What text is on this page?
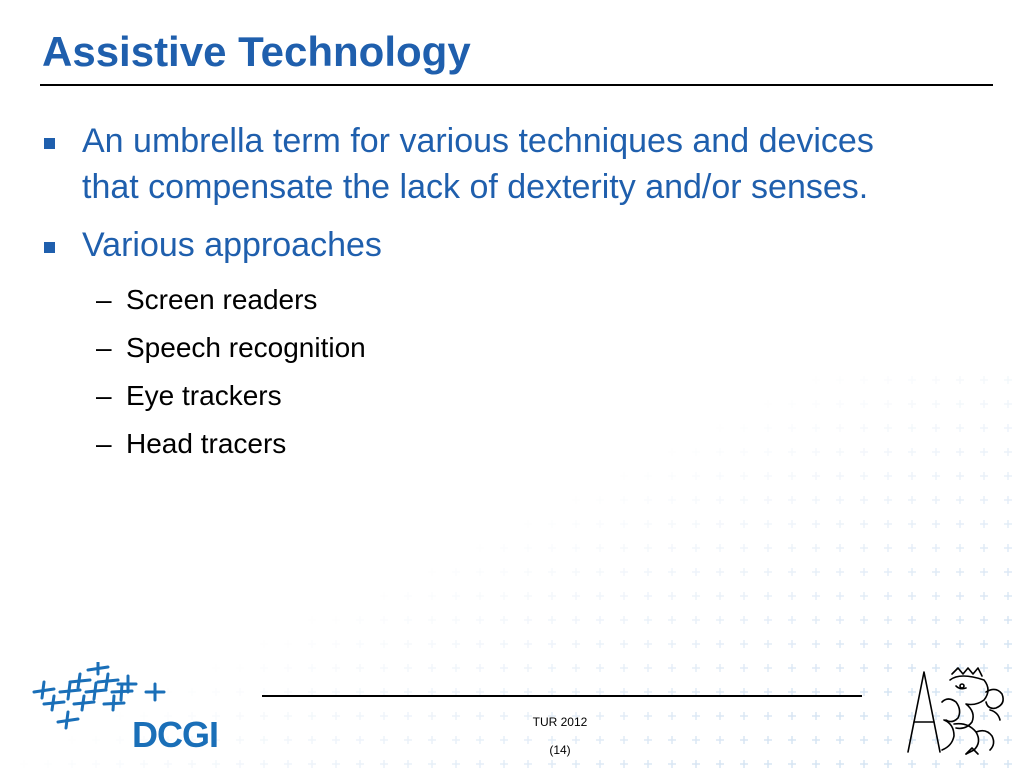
Assistive Technology
An umbrella term for various techniques and devices that compensate the lack of dexterity and/or senses.
Various approaches
– Screen readers
– Speech recognition
– Eye trackers
– Head tracers
TUR 2012
(14)
DCGI
